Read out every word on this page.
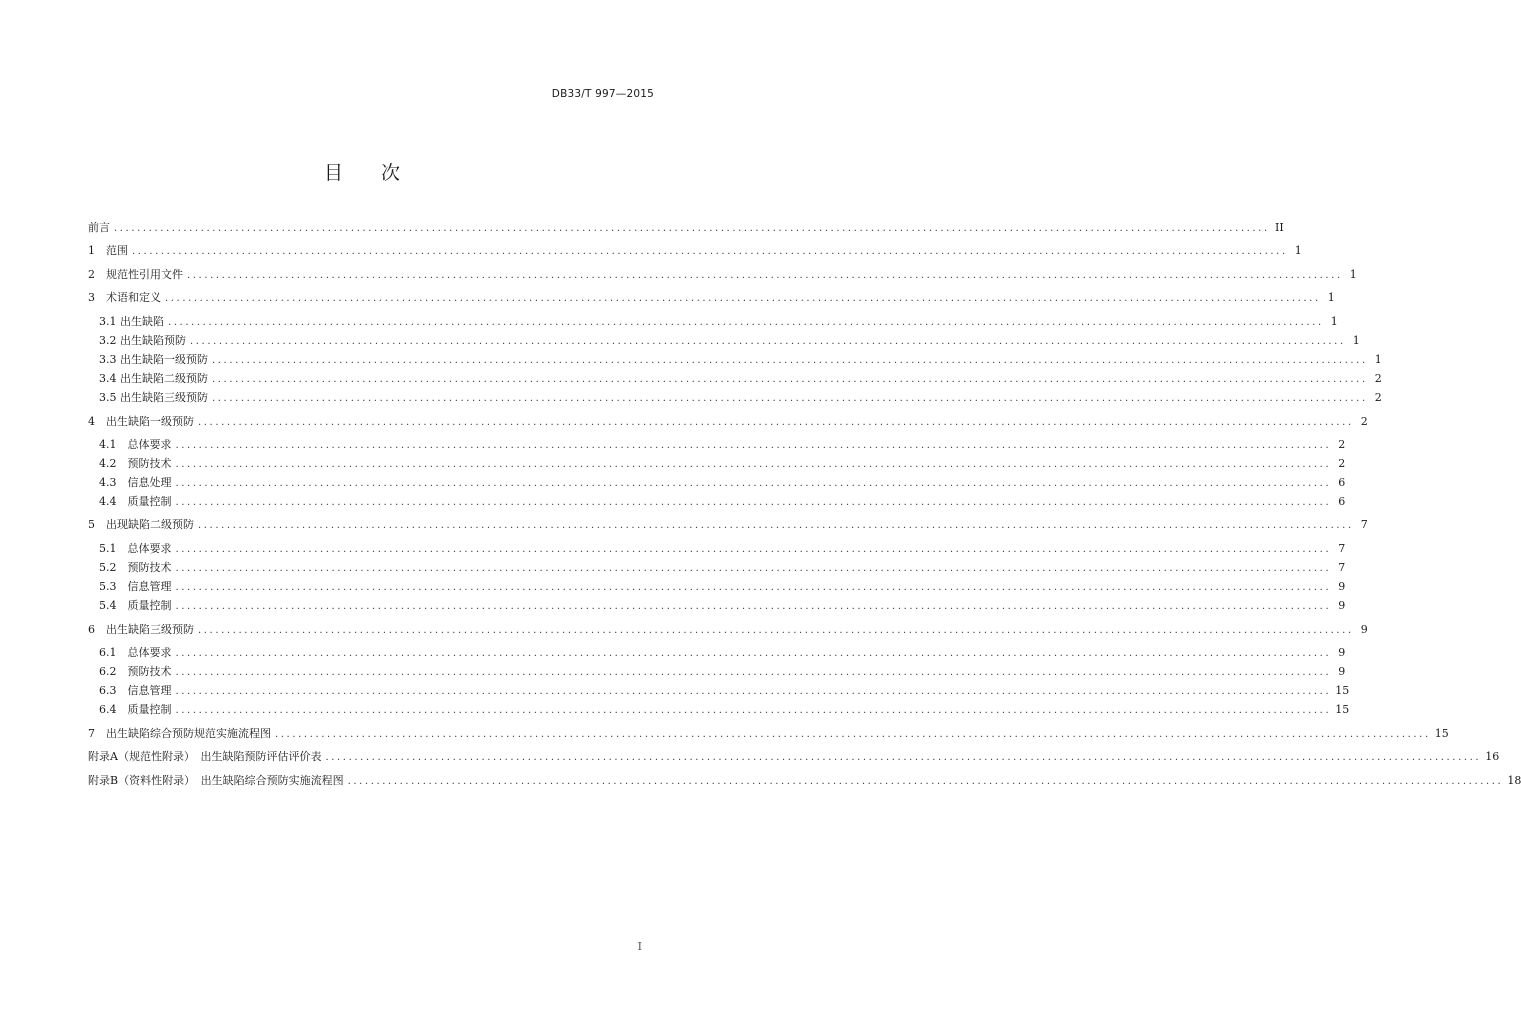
DB33/T 997—2015
目 次
前言 ........................................................................................................................................................................................................ II
1　范围 ........................................................................................................................................................................................................ 1
2　规范性引用文件 ........................................................................................................................................................................................................ 1
3　术语和定义 ........................................................................................................................................................................................................ 1
3.1 出生缺陷 ........................................................................................................................................................................................................ 1
3.2 出生缺陷预防 ........................................................................................................................................................................................................ 1
3.3 出生缺陷一级预防 ........................................................................................................................................................................................................ 1
3.4 出生缺陷二级预防 ........................................................................................................................................................................................................ 2
3.5 出生缺陷三级预防 ........................................................................................................................................................................................................ 2
4　出生缺陷一级预防 ........................................................................................................................................................................................................ 2
4.1　总体要求 ........................................................................................................................................................................................................ 2
4.2　预防技术 ........................................................................................................................................................................................................ 2
4.3　信息处理 ........................................................................................................................................................................................................ 6
4.4　质量控制 ........................................................................................................................................................................................................ 6
5　出现缺陷二级预防 ........................................................................................................................................................................................................ 7
5.1　总体要求 ........................................................................................................................................................................................................ 7
5.2　预防技术 ........................................................................................................................................................................................................ 7
5.3　信息管理 ........................................................................................................................................................................................................ 9
5.4　质量控制 ........................................................................................................................................................................................................ 9
6　出生缺陷三级预防 ........................................................................................................................................................................................................ 9
6.1　总体要求 ........................................................................................................................................................................................................ 9
6.2　预防技术 ........................................................................................................................................................................................................ 9
6.3　信息管理 ........................................................................................................................................................................................................ 15
6.4　质量控制 ........................................................................................................................................................................................................ 15
7　出生缺陷综合预防规范实施流程图 ........................................................................................................................................................................................................ 15
附录A（规范性附录）　出生缺陷预防评估评价表 ........................................................................................................................................................................................................ 16
附录B（资料性附录）　出生缺陷综合预防实施流程图 ........................................................................................................................................................................................................ 18
I
